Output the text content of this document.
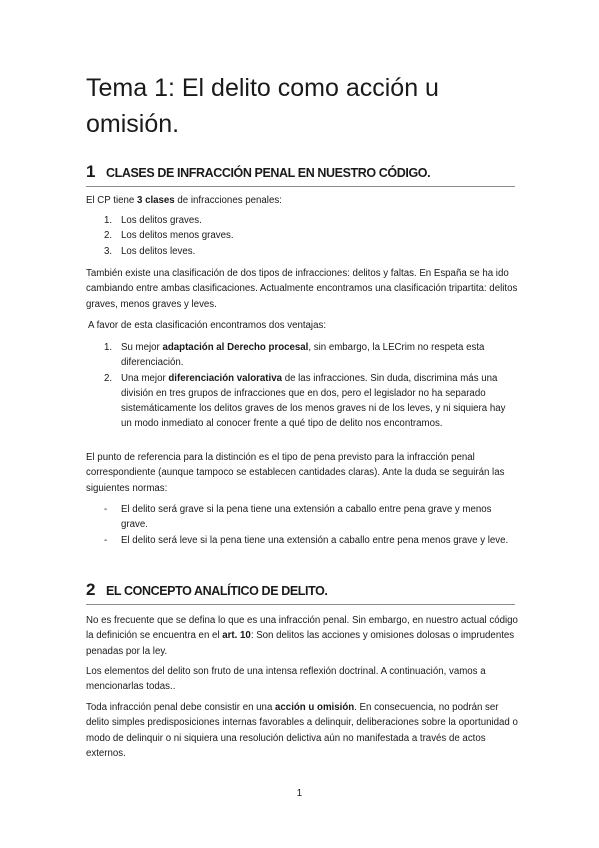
Tema 1: El delito como acción u omisión.
1 CLASES DE INFRACCIÓN PENAL EN NUESTRO CÓDIGO.

El CP tiene 3 clases de infracciones penales:

1. Los delitos graves.
2. Los delitos menos graves.
3. Los delitos leves.

También existe una clasificación de dos tipos de infracciones: delitos y faltas. En España se ha ido cambiando entre ambas clasificaciones. Actualmente encontramos una clasificación tripartita: delitos graves, menos graves y leves.

A favor de esta clasificación encontramos dos ventajas:

1. Su mejor adaptación al Derecho procesal, sin embargo, la LECrim no respeta esta diferenciación.
2. Una mejor diferenciación valorativa de las infracciones. Sin duda, discrimina más una división en tres grupos de infracciones que en dos, pero el legislador no ha separado sistemáticamente los delitos graves de los menos graves ni de los leves, y ni siquiera hay un modo inmediato al conocer frente a qué tipo de delito nos encontramos.

El punto de referencia para la distinción es el tipo de pena previsto para la infracción penal correspondiente (aunque tampoco se establecen cantidades claras). Ante la duda se seguirán las siguientes normas:

- El delito será grave si la pena tiene una extensión a caballo entre pena grave y menos grave.
- El delito será leve si la pena tiene una extensión a caballo entre pena menos grave y leve.
2 EL CONCEPTO ANALÍTICO DE DELITO.

No es frecuente que se defina lo que es una infracción penal. Sin embargo, en nuestro actual código la definición se encuentra en el art. 10: Son delitos las acciones y omisiones dolosas o imprudentes penadas por la ley.

Los elementos del delito son fruto de una intensa reflexión doctrinal. A continuación, vamos a mencionarlas todas..

Toda infracción penal debe consistir en una acción u omisión. En consecuencia, no podrán ser delito simples predisposiciones internas favorables a delinquir, deliberaciones sobre la oportunidad o modo de delinquir o ni siquiera una resolución delictiva aún no manifestada a través de actos externos.

1
